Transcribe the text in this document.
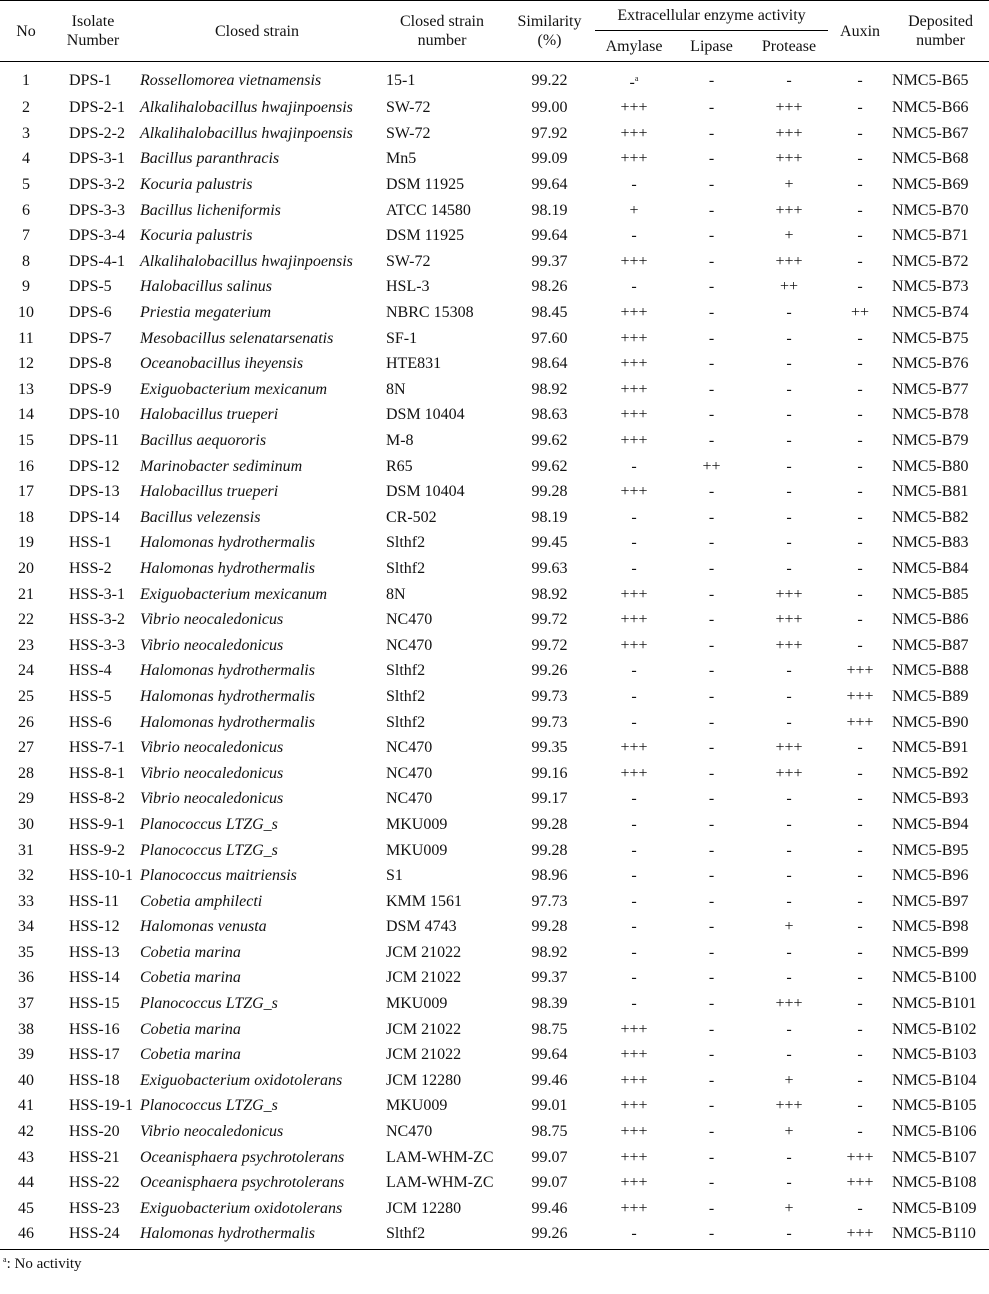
No	Isolate Number	Closed strain	Closed strain number	Similarity (%)	Extracellular enzyme activity			Auxin	Deposited number
					Amylase	Lipase	Protease		
1	DPS-1	Rossellomorea vietnamensis	15-1	99.22	-$^a$	-	-	-	NMC5-B65
2	DPS-2-1	Alkalihalobacillus hwajinpoensis	SW-72	99.00	+++	-	+++	-	NMC5-B66
3	DPS-2-2	Alkalihalobacillus hwajinpoensis	SW-72	97.92	+++	-	+++	-	NMC5-B67
4	DPS-3-1	Bacillus paranthracis	Mn5	99.09	+++	-	+++	-	NMC5-B68
5	DPS-3-2	Kocuria palustris	DSM 11925	99.64	-	-	+	-	NMC5-B69
6	DPS-3-3	Bacillus licheniformis	ATCC 14580	98.19	+	-	+++	-	NMC5-B70
7	DPS-3-4	Kocuria palustris	DSM 11925	99.64	-	-	+	-	NMC5-B71
8	DPS-4-1	Alkalihalobacillus hwajinpoensis	SW-72	99.37	+++	-	+++	-	NMC5-B72
9	DPS-5	Halobacillus salinus	HSL-3	98.26	-	-	++	-	NMC5-B73
10	DPS-6	Priestia megaterium	NBRC 15308	98.45	+++	-	-	++	NMC5-B74
11	DPS-7	Mesobacillus selenatarsenatis	SF-1	97.60	+++	-	-	-	NMC5-B75
12	DPS-8	Oceanobacillus iheyensis	HTE831	98.64	+++	-	-	-	NMC5-B76
13	DPS-9	Exiguobacterium mexicanum	8N	98.92	+++	-	-	-	NMC5-B77
14	DPS-10	Halobacillus trueperi	DSM 10404	98.63	+++	-	-	-	NMC5-B78
15	DPS-11	Bacillus aequororis	M-8	99.62	+++	-	-	-	NMC5-B79
16	DPS-12	Marinobacter sediminum	R65	99.62	-	++	-	-	NMC5-B80
17	DPS-13	Halobacillus trueperi	DSM 10404	99.28	+++	-	-	-	NMC5-B81
18	DPS-14	Bacillus velezensis	CR-502	98.19	-	-	-	-	NMC5-B82
19	HSS-1	Halomonas hydrothermalis	Slthf2	99.45	-	-	-	-	NMC5-B83
20	HSS-2	Halomonas hydrothermalis	Slthf2	99.63	-	-	-	-	NMC5-B84
21	HSS-3-1	Exiguobacterium mexicanum	8N	98.92	+++	-	+++	-	NMC5-B85
22	HSS-3-2	Vibrio neocaledonicus	NC470	99.72	+++	-	+++	-	NMC5-B86
23	HSS-3-3	Vibrio neocaledonicus	NC470	99.72	+++	-	+++	-	NMC5-B87
24	HSS-4	Halomonas hydrothermalis	Slthf2	99.26	-	-	-	+++	NMC5-B88
25	HSS-5	Halomonas hydrothermalis	Slthf2	99.73	-	-	-	+++	NMC5-B89
26	HSS-6	Halomonas hydrothermalis	Slthf2	99.73	-	-	-	+++	NMC5-B90
27	HSS-7-1	Vibrio neocaledonicus	NC470	99.35	+++	-	+++	-	NMC5-B91
28	HSS-8-1	Vibrio neocaledonicus	NC470	99.16	+++	-	+++	-	NMC5-B92
29	HSS-8-2	Vibrio neocaledonicus	NC470	99.17	-	-	-	-	NMC5-B93
30	HSS-9-1	Planococcus LTZG_s	MKU009	99.28	-	-	-	-	NMC5-B94
31	HSS-9-2	Planococcus LTZG_s	MKU009	99.28	-	-	-	-	NMC5-B95
32	HSS-10-1	Planococcus maitriensis	S1	98.96	-	-	-	-	NMC5-B96
33	HSS-11	Cobetia amphilecti	KMM 1561	97.73	-	-	-	-	NMC5-B97
34	HSS-12	Halomonas venusta	DSM 4743	99.28	-	-	+	-	NMC5-B98
35	HSS-13	Cobetia marina	JCM 21022	98.92	-	-	-	-	NMC5-B99
36	HSS-14	Cobetia marina	JCM 21022	99.37	-	-	-	-	NMC5-B100
37	HSS-15	Planococcus LTZG_s	MKU009	98.39	-	-	+++	-	NMC5-B101
38	HSS-16	Cobetia marina	JCM 21022	98.75	+++	-	-	-	NMC5-B102
39	HSS-17	Cobetia marina	JCM 21022	99.64	+++	-	-	-	NMC5-B103
40	HSS-18	Exiguobacterium oxidotolerans	JCM 12280	99.46	+++	-	+	-	NMC5-B104
41	HSS-19-1	Planococcus LTZG_s	MKU009	99.01	+++	-	+++	-	NMC5-B105
42	HSS-20	Vibrio neocaledonicus	NC470	98.75	+++	-	+	-	NMC5-B106
43	HSS-21	Oceanisphaera psychrotolerans	LAM-WHM-ZC	99.07	+++	-	-	+++	NMC5-B107
44	HSS-22	Oceanisphaera psychrotolerans	LAM-WHM-ZC	99.07	+++	-	-	+++	NMC5-B108
45	HSS-23	Exiguobacterium oxidotolerans	JCM 12280	99.46	+++	-	+	-	NMC5-B109
46	HSS-24	Halomonas hydrothermalis	Slthf2	99.26	-	-	-	+++	NMC5-B110
$^a$: No activity
